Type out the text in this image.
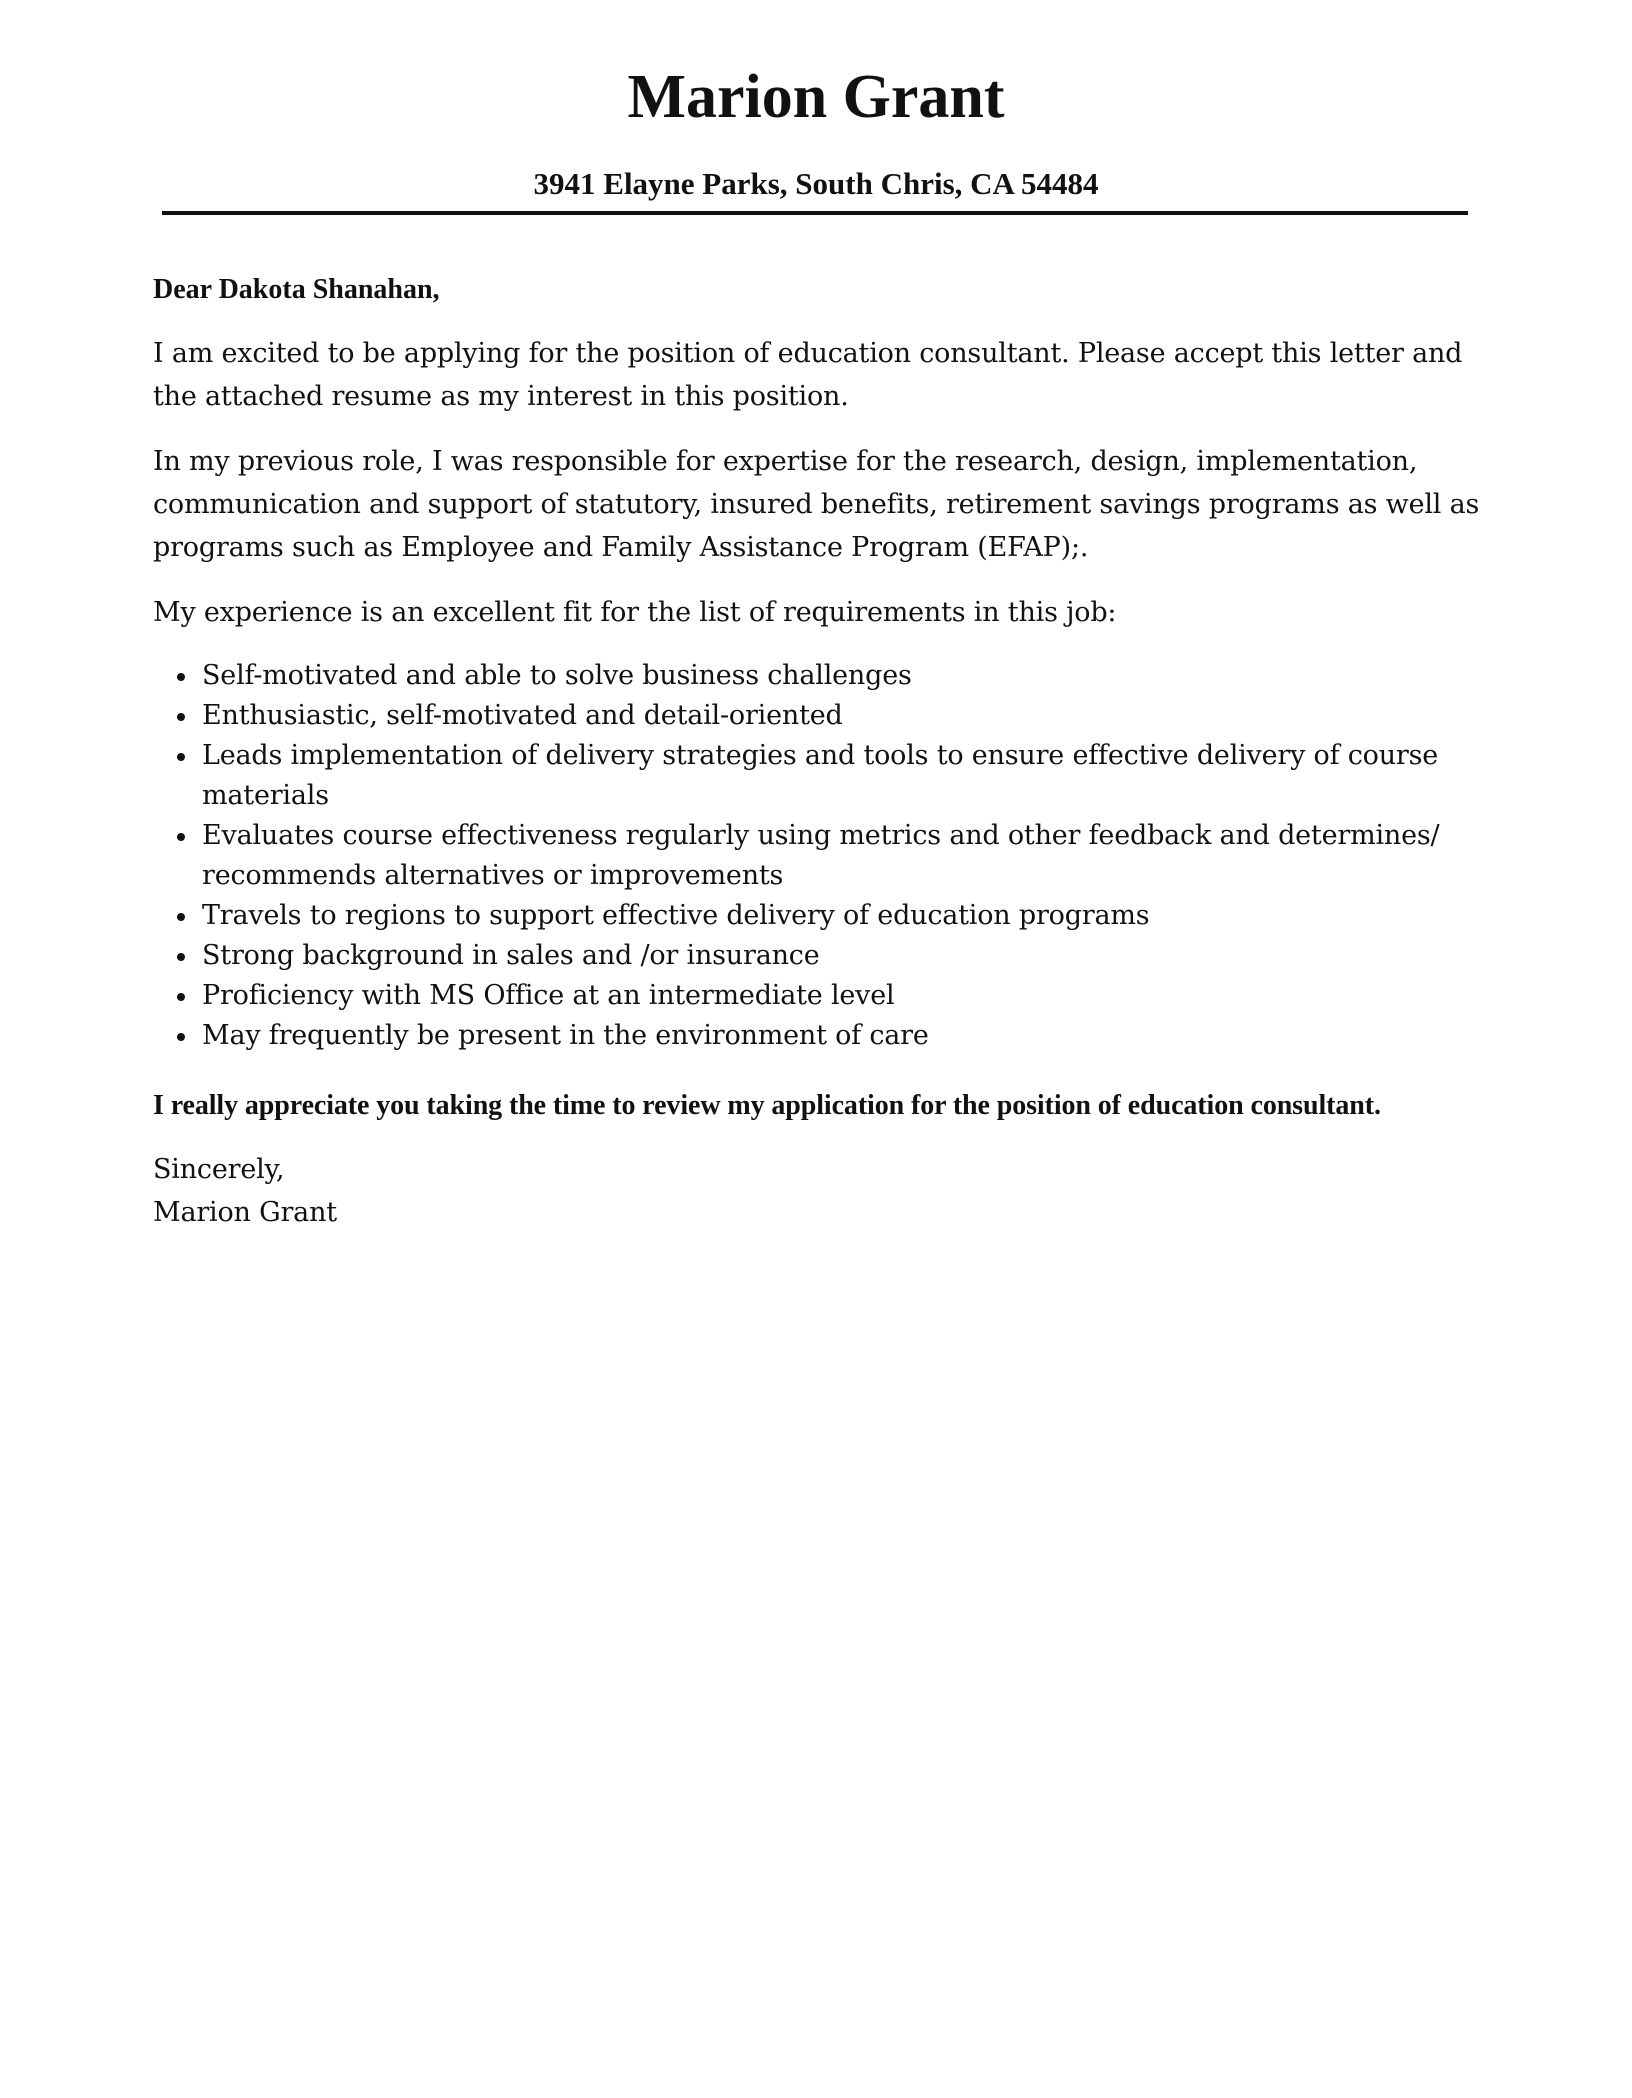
Marion Grant
3941 Elayne Parks, South Chris, CA 54484

Dear Dakota Shanahan,

I am excited to be applying for the position of education consultant. Please accept this letter and the attached resume as my interest in this position.

In my previous role, I was responsible for expertise for the research, design, implementation, communication and support of statutory, insured benefits, retirement savings programs as well as programs such as Employee and Family Assistance Program (EFAP);.

My experience is an excellent fit for the list of requirements in this job:

Self-motivated and able to solve business challenges
Enthusiastic, self-motivated and detail-oriented
Leads implementation of delivery strategies and tools to ensure effective delivery of course materials
Evaluates course effectiveness regularly using metrics and other feedback and determines/ recommends alternatives or improvements
Travels to regions to support effective delivery of education programs
Strong background in sales and /or insurance
Proficiency with MS Office at an intermediate level
May frequently be present in the environment of care

I really appreciate you taking the time to review my application for the position of education consultant.

Sincerely,

Marion Grant
